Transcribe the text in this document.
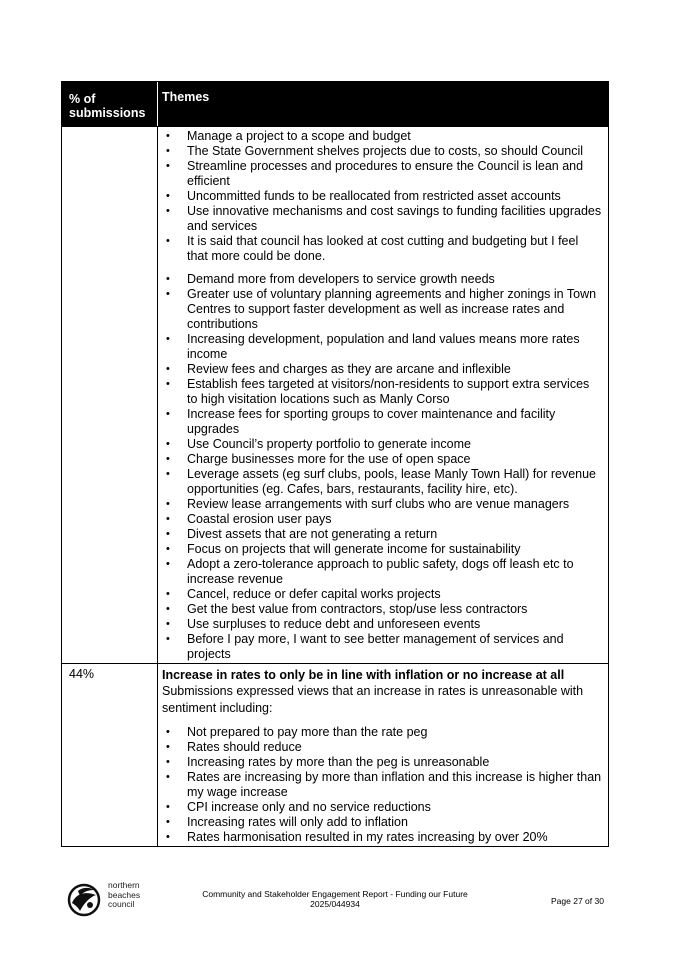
% of
submissions
Themes
• Manage a project to a scope and budget
• The State Government shelves projects due to costs, so should Council
• Streamline processes and procedures to ensure the Council is lean and efficient
• Uncommitted funds to be reallocated from restricted asset accounts
• Use innovative mechanisms and cost savings to funding facilities upgrades and services
• It is said that council has looked at cost cutting and budgeting but I feel that more could be done.
• Demand more from developers to service growth needs
• Greater use of voluntary planning agreements and higher zonings in Town Centres to support faster development as well as increase rates and contributions
• Increasing development, population and land values means more rates income
• Review fees and charges as they are arcane and inflexible
• Establish fees targeted at visitors/non-residents to support extra services to high visitation locations such as Manly Corso
• Increase fees for sporting groups to cover maintenance and facility upgrades
• Use Council’s property portfolio to generate income
• Charge businesses more for the use of open space
• Leverage assets (eg surf clubs, pools, lease Manly Town Hall) for revenue opportunities (eg. Cafes, bars, restaurants, facility hire, etc).
• Review lease arrangements with surf clubs who are venue managers
• Coastal erosion user pays
• Divest assets that are not generating a return
• Focus on projects that will generate income for sustainability
• Adopt a zero-tolerance approach to public safety, dogs off leash etc to increase revenue
• Cancel, reduce or defer capital works projects
• Get the best value from contractors, stop/use less contractors
• Use surpluses to reduce debt and unforeseen events
• Before I pay more, I want to see better management of services and projects
44%	Increase in rates to only be in line with inflation or no increase at all
Submissions expressed views that an increase in rates is unreasonable with sentiment including:
• Not prepared to pay more than the rate peg
• Rates should reduce
• Increasing rates by more than the peg is unreasonable
• Rates are increasing by more than inflation and this increase is higher than my wage increase
• CPI increase only and no service reductions
• Increasing rates will only add to inflation
• Rates harmonisation resulted in my rates increasing by over 20%
northern
beaches
council
Community and Stakeholder Engagement Report - Funding our Future
2025/044934	Page 27 of 30
